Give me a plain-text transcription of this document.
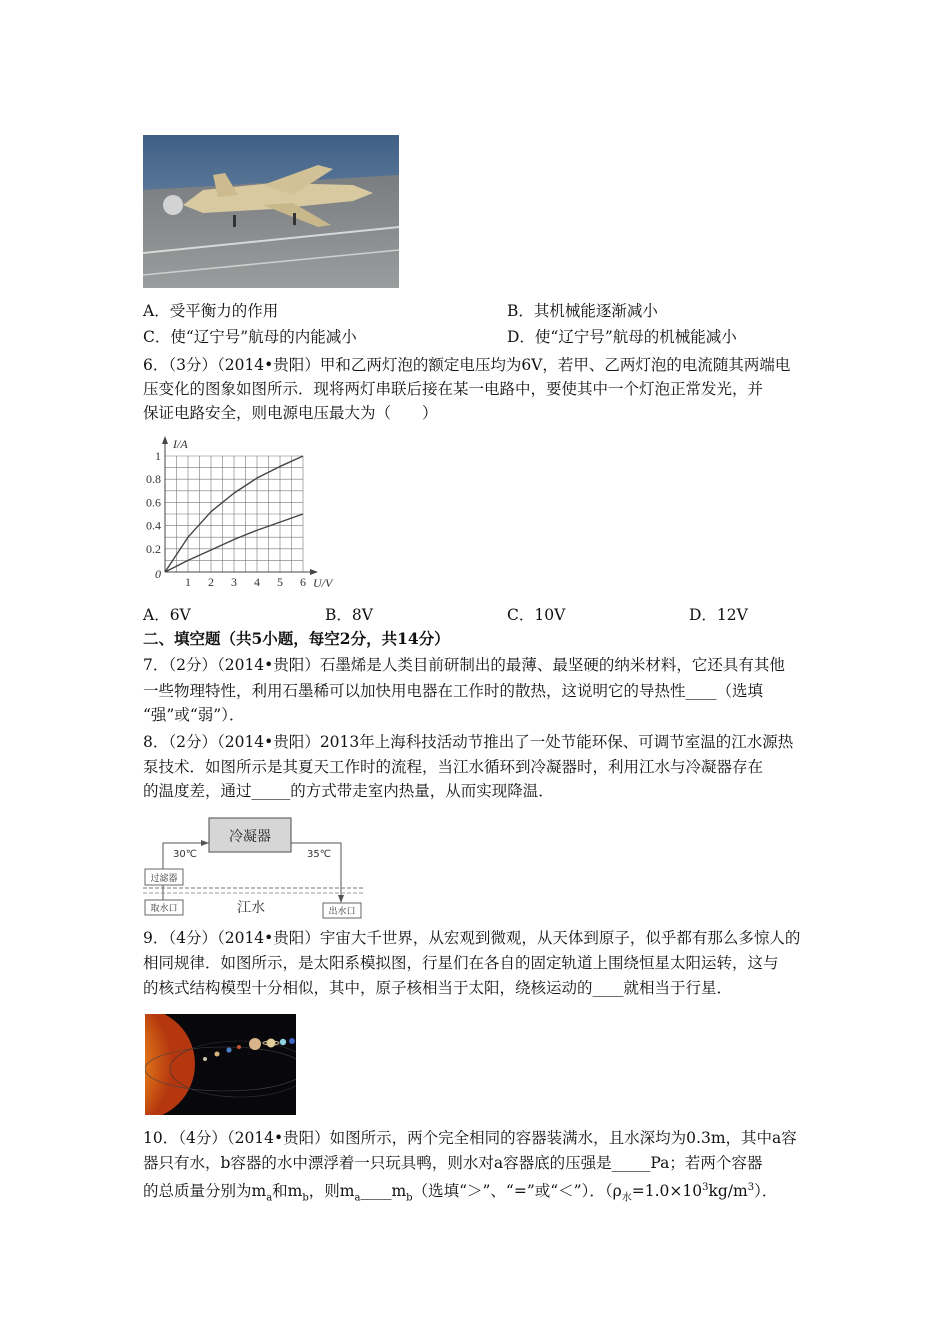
A．受平衡力的作用	B．其机械能逐渐减小
C．使“辽宁号”航母的内能减小	D．使“辽宁号”航母的机械能减小
6．（3分）（2014•贵阳）甲和乙两灯泡的额定电压均为6V，若甲、乙两灯泡的电流随其两端电
压变化的图象如图所示．现将两灯串联后接在某一电路中，要使其中一个灯泡正常发光，并
保证电路安全，则电源电压最大为（　　）
I/A
U/V
0
1 2 3 4 5 6
0.2
0.4
0.6
0.8
1
A．6V	B．8V	C．10V	D．12V
二、填空题（共5小题，每空2分，共14分）
7．（2分）（2014•贵阳）石墨烯是人类目前研制出的最薄、最坚硬的纳米材料，它还具有其他
一些物理特性，利用石墨稀可以加快用电器在工作时的散热，这说明它的导热性____（选填
“强”或“弱”）．
8．（2分）（2014•贵阳）2013年上海科技活动节推出了一处节能环保、可调节室温的江水源热
泵技术．如图所示是其夏天工作时的流程，当江水循环到冷凝器时，利用江水与冷凝器存在
的温度差，通过_____的方式带走室内热量，从而实现降温．
冷凝器
30℃	35℃
过滤器
取水口	江水	出水口
9．（4分）（2014•贵阳）宇宙大千世界，从宏观到微观，从天体到原子，似乎都有那么多惊人的
相同规律．如图所示，是太阳系模拟图，行星们在各自的固定轨道上围绕恒星太阳运转，这与
的核式结构模型十分相似，其中，原子核相当于太阳，绕核运动的____就相当于行星．
10．（4分）（2014•贵阳）如图所示，两个完全相同的容器装满水，且水深均为0.3m，其中a容
器只有水，b容器的水中漂浮着一只玩具鸭，则水对a容器底的压强是_____Pa；若两个容器
的总质量分别为$m_a$和$m_b$，则$m_a\_\_\_\_m_b$（选填“＞”、“=”或“＜”）．$(\rho_水=1.0\times 10^3kg/m^3)$．
